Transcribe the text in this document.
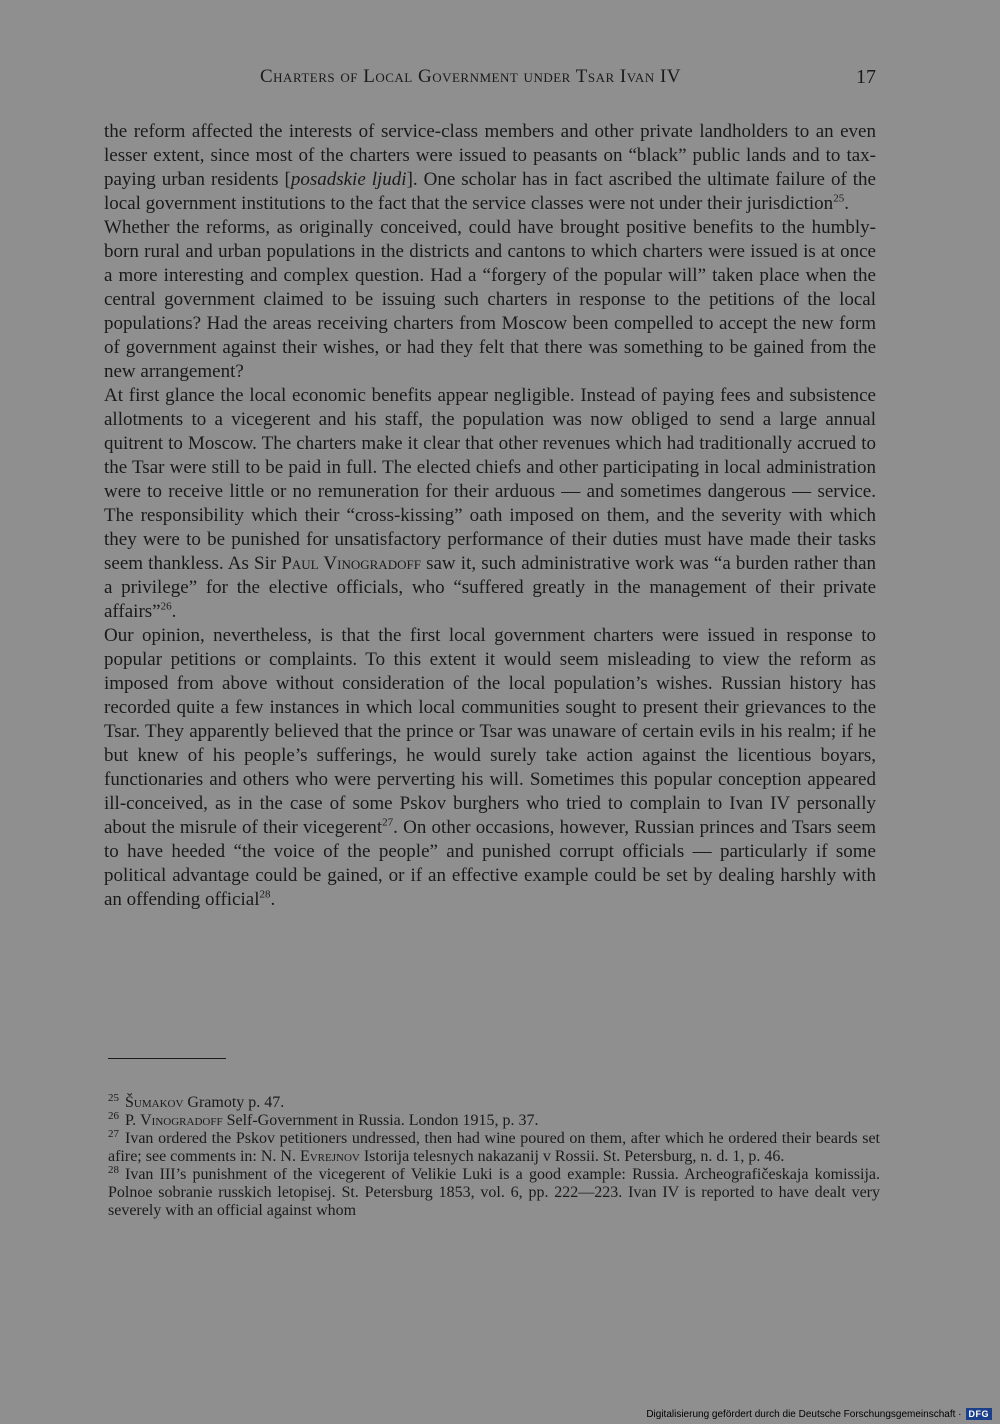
Charters of Local Government under Tsar Ivan IV	17

the reform affected the interests of service-class members and other private landholders to an even lesser extent, since most of the charters were issued to peasants on “black” public lands and to tax-paying urban residents [posadskie ljudi]. One scholar has in fact ascribed the ultimate failure of the local government institutions to the fact that the service classes were not under their jurisdiction$^{25}$.

Whether the reforms, as originally conceived, could have brought positive benefits to the humbly-born rural and urban populations in the districts and cantons to which charters were issued is at once a more interesting and complex question. Had a “forgery of the popular will” taken place when the central government claimed to be issuing such charters in response to the petitions of the local populations? Had the areas receiving charters from Moscow been compelled to accept the new form of government against their wishes, or had they felt that there was something to be gained from the new arrangement?

At first glance the local economic benefits appear negligible. Instead of paying fees and subsistence allotments to a vicegerent and his staff, the population was now obliged to send a large annual quitrent to Moscow. The charters make it clear that other revenues which had traditionally accrued to the Tsar were still to be paid in full. The elected chiefs and other participating in local administration were to receive little or no remuneration for their arduous — and sometimes dangerous — service. The responsibility which their “cross-kissing” oath imposed on them, and the severity with which they were to be punished for unsatisfactory performance of their duties must have made their tasks seem thankless. As Sir Paul Vinogradoff saw it, such administrative work was “a burden rather than a privilege” for the elective officials, who “suffered greatly in the management of their private affairs”$^{26}$.

Our opinion, nevertheless, is that the first local government charters were issued in response to popular petitions or complaints. To this extent it would seem misleading to view the reform as imposed from above without consideration of the local population’s wishes. Russian history has recorded quite a few instances in which local communities sought to present their grievances to the Tsar. They apparently believed that the prince or Tsar was unaware of certain evils in his realm; if he but knew of his people’s sufferings, he would surely take action against the licentious boyars, functionaries and others who were perverting his will. Sometimes this popular conception appeared ill-conceived, as in the case of some Pskov burghers who tried to complain to Ivan IV personally about the misrule of their vicegerent$^{27}$. On other occasions, however, Russian princes and Tsars seem to have heeded “the voice of the people” and punished corrupt officials — particularly if some political advantage could be gained, or if an effective example could be set by dealing harshly with an offending official$^{28}$.

$^{25}$ Šumakov Gramoty p. 47.

$^{26}$ P. Vinogradoff Self-Government in Russia. London 1915, p. 37.

$^{27}$ Ivan ordered the Pskov petitioners undressed, then had wine poured on them, after which he ordered their beards set afire; see comments in: N. N. Evrejnov Istorija telesnych nakazanij v Rossii. St. Petersburg, n. d. 1, p. 46.

$^{28}$ Ivan III’s punishment of the vicegerent of Velikie Luki is a good example: Russia. Archeografičeskaja komissija. Polnoe sobranie russkich letopisej. St. Petersburg 1853, vol. 6, pp. 222—223. Ivan IV is reported to have dealt very severely with an official against whom

Digitalisierung gefördert durch die Deutsche Forschungsgemeinschaft · DFG
